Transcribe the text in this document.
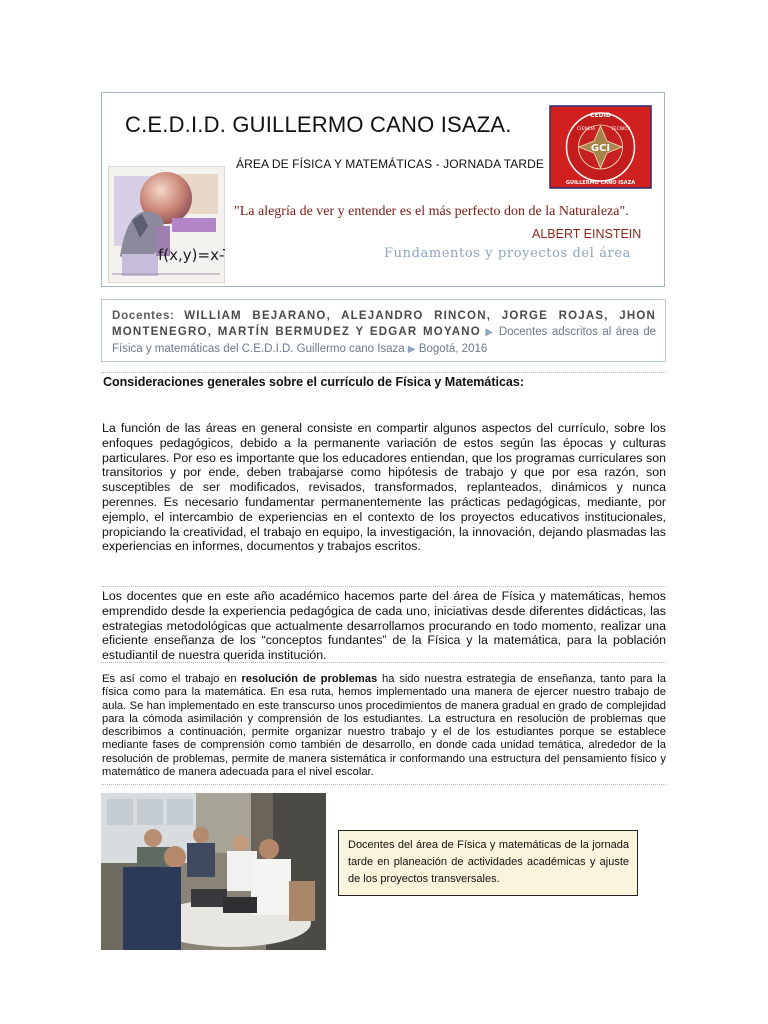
C.E.D.I.D. GUILLERMO CANO ISAZA.
ÁREA DE FÍSICA Y MATEMÁTICAS - JORNADA TARDE
"La alegría de ver y entender es el más perfecto don de la Naturaleza".
ALBERT EINSTEIN
Fundamentos y proyectos del área
f(x,y)=x-T
GCI
CEDID
GUILLERMO CANO ISAZA
CIENCIA	TECNICA
Docentes: WILLIAM BEJARANO, ALEJANDRO RINCON, JORGE ROJAS, JHON MONTENEGRO, MARTÍN BERMUDEZ Y EDGAR MOYANO ▶ Docentes adscritos al área de Física y matemáticas del C.E.D.I.D. Guillermo cano Isaza ▶ Bogotá, 2016
Consideraciones generales sobre el currículo de Física y Matemáticas:
La función de las áreas en general consiste en compartir algunos aspectos del currículo, sobre los enfoques pedagógicos, debido a la permanente variación de estos según las épocas y culturas particulares. Por eso es importante que los educadores entiendan, que los programas curriculares son transitorios y por ende, deben trabajarse como hipótesis de trabajo y que por esa razón, son susceptibles de ser modificados, revisados, transformados, replanteados, dinámicos y nunca perennes. Es necesario fundamentar permanentemente las prácticas pedagógicas, mediante, por ejemplo, el intercambio de experiencias en el contexto de los proyectos educativos institucionales, propiciando la creatividad, el trabajo en equipo, la investigación, la innovación, dejando plasmadas las experiencias en informes, documentos y trabajos escritos.
Los docentes que en este año académico hacemos parte del área de Física y matemáticas, hemos emprendido desde la experiencia pedagógica de cada uno, iniciativas desde diferentes didácticas, las estrategias metodológicas que actualmente desarrollamos procurando en todo momento, realizar una eficiente enseñanza de los “conceptos fundantes” de la Física y la matemática, para la población estudiantil de nuestra querida institución.
Es así como el trabajo en resolución de problemas ha sido nuestra estrategia de enseñanza, tanto para la física como para la matemática. En esa ruta, hemos implementado una manera de ejercer nuestro trabajo de aula. Se han implementado en este transcurso unos procedimientos de manera gradual en grado de complejidad para la cómoda asimilación y comprensión de los estudiantes. La estructura en resolución de problemas que describimos a continuación, permite organizar nuestro trabajo y el de los estudiantes porque se establece mediante fases de comprensión como también de desarrollo, en donde cada unidad temática, alrededor de la resolución de problemas, permite de manera sistemática ir conformando una estructura del pensamiento físico y matemático de manera adecuada para el nivel escolar.
Docentes del área de Física y matemáticas de la jornada tarde en planeación de actividades académicas y ajuste de los proyectos transversales.
